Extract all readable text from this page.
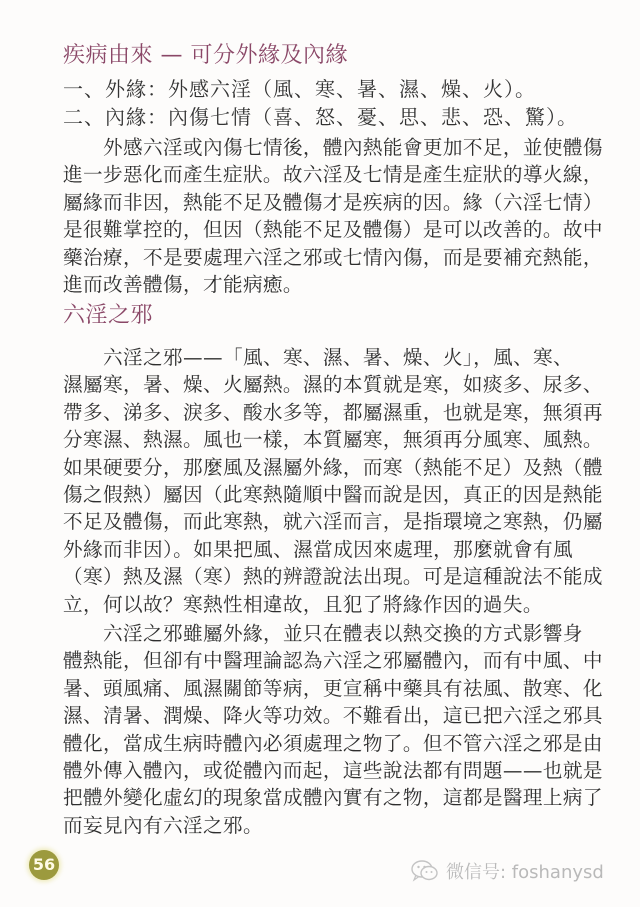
疾病由來 — 可分外緣及內緣
一、外緣：外感六淫（風、寒、暑、濕、燥、火）。
二、內緣：內傷七情（喜、怒、憂、思、悲、恐、驚）。
外感六淫或內傷七情後，體內熱能會更加不足，並使體傷
進一步惡化而產生症狀。故六淫及七情是產生症狀的導火線，
屬緣而非因，熱能不足及體傷才是疾病的因。緣（六淫七情）
是很難掌控的，但因（熱能不足及體傷）是可以改善的。故中
藥治療，不是要處理六淫之邪或七情內傷，而是要補充熱能，
進而改善體傷，才能病癒。
六淫之邪
六淫之邪——「風、寒、濕、暑、燥、火」，風、寒、
濕屬寒，暑、燥、火屬熱。濕的本質就是寒，如痰多、尿多、
帶多、涕多、淚多、酸水多等，都屬濕重，也就是寒，無須再
分寒濕、熱濕。風也一樣，本質屬寒，無須再分風寒、風熱。
如果硬要分，那麼風及濕屬外緣，而寒（熱能不足）及熱（體
傷之假熱）屬因（此寒熱隨順中醫而說是因，真正的因是熱能
不足及體傷，而此寒熱，就六淫而言，是指環境之寒熱，仍屬
外緣而非因）。如果把風、濕當成因來處理，那麼就會有風
（寒）熱及濕（寒）熱的辨證說法出現。可是這種說法不能成
立，何以故？寒熱性相違故，且犯了將緣作因的過失。
六淫之邪雖屬外緣，並只在體表以熱交換的方式影響身
體熱能，但卻有中醫理論認為六淫之邪屬體內，而有中風、中
暑、頭風痛、風濕關節等病，更宣稱中藥具有祛風、散寒、化
濕、清暑、潤燥、降火等功效。不難看出，這已把六淫之邪具
體化，當成生病時體內必須處理之物了。但不管六淫之邪是由
體外傳入體內，或從體內而起，這些說法都有問題——也就是
把體外變化虛幻的現象當成體內實有之物，這都是醫理上病了
而妄見內有六淫之邪。
56	微信号: foshanysd
